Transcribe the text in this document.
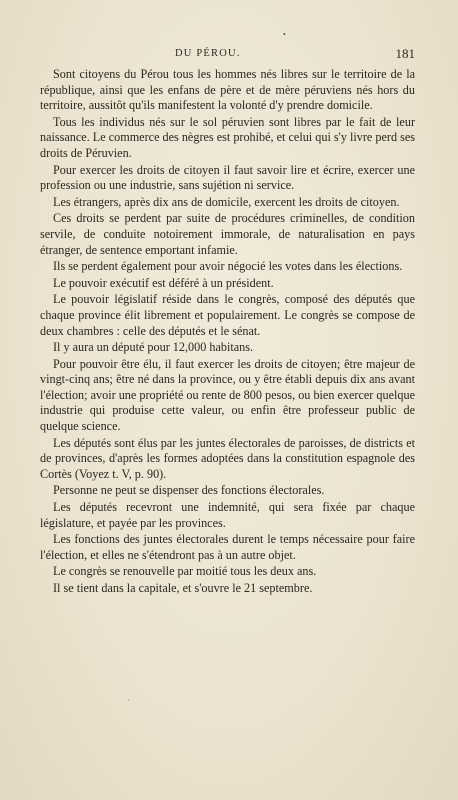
•
DU PÉROU.	181

Sont citoyens du Pérou tous les hommes nés libres sur le territoire de la république, ainsi que les enfans de père et de mère péruviens nés hors du territoire, aussitôt qu'ils manifestent la volonté d'y prendre domicile.

Tous les individus nés sur le sol péruvien sont libres par le fait de leur naissance. Le commerce des nègres est prohibé, et celui qui s'y livre perd ses droits de Péruvien.

Pour exercer les droits de citoyen il faut savoir lire et écrire, exercer une profession ou une industrie, sans sujétion ni service.

Les étrangers, après dix ans de domicile, exercent les droits de citoyen.

Ces droits se perdent par suite de procédures criminelles, de condition servile, de conduite notoirement immorale, de naturalisation en pays étranger, de sentence emportant infamie.

Ils se perdent également pour avoir négocié les votes dans les élections.

Le pouvoir exécutif est déféré à un président.

Le pouvoir législatif réside dans le congrès, composé des députés que chaque province élit librement et populairement. Le congrès se compose de deux chambres : celle des députés et le sénat.

Il y aura un député pour 12,000 habitans.

Pour pouvoir être élu, il faut exercer les droits de citoyen; être majeur de vingt-cinq ans; être né dans la province, ou y être établi depuis dix ans avant l'élection; avoir une propriété ou rente de 800 pesos, ou bien exercer quelque industrie qui produise cette valeur, ou enfin être professeur public de quelque science.

Les députés sont élus par les juntes électorales de paroisses, de districts et de provinces, d'après les formes adoptées dans la constitution espagnole des Cortès (Voyez t. V, p. 90).

Personne ne peut se dispenser des fonctions électorales.

Les députés recevront une indemnité, qui sera fixée par chaque législature, et payée par les provinces.

Les fonctions des juntes électorales durent le temps nécessaire pour faire l'élection, et elles ne s'étendront pas à un autre objet.

Le congrès se renouvelle par moitié tous les deux ans.

Il se tient dans la capitale, et s'ouvre le 21 septembre.

ˎ
